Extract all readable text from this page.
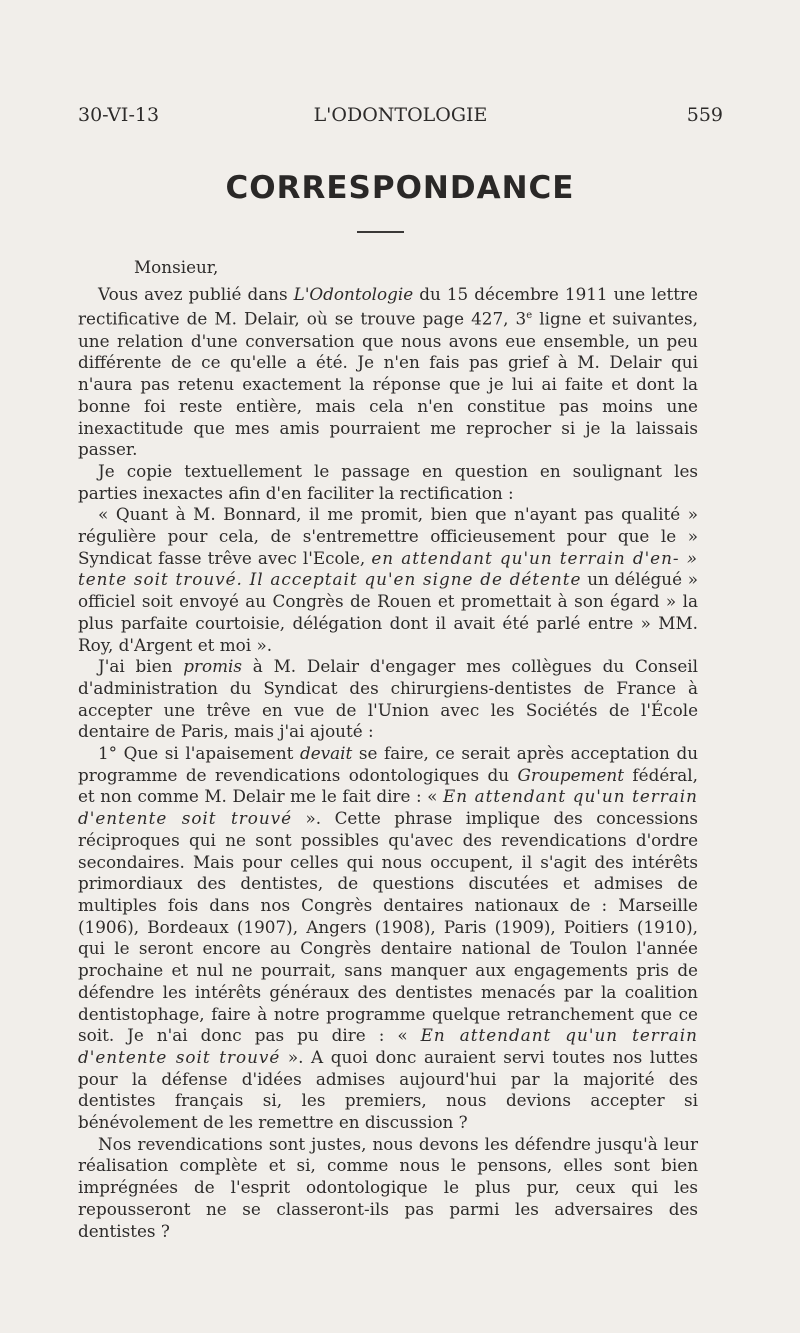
30-VI-13	L'ODONTOLOGIE	559
CORRESPONDANCE

Monsieur,

Vous avez publié dans L'Odontologie du 15 décembre 1911 une lettre rectificative de M. Delair, où se trouve page 427, 3e ligne et suivantes, une relation d'une conversation que nous avons eue ensemble, un peu différente de ce qu'elle a été. Je n'en fais pas grief à M. Delair qui n'aura pas retenu exactement la réponse que je lui ai faite et dont la bonne foi reste entière, mais cela n'en constitue pas moins une inexactitude que mes amis pourraient me reprocher si je la laissais passer.

Je copie textuellement le passage en question en soulignant les parties inexactes afin d'en faciliter la rectification :

« Quant à M. Bonnard, il me promit, bien que n'ayant pas qualité » régulière pour cela, de s'entremettre officieusement pour que le » Syndicat fasse trêve avec l'Ecole, en attendant qu'un terrain d'en- » tente soit trouvé. Il acceptait qu'en signe de détente un délégué » officiel soit envoyé au Congrès de Rouen et promettait à son égard » la plus parfaite courtoisie, délégation dont il avait été parlé entre » MM. Roy, d'Argent et moi ».

J'ai bien promis à M. Delair d'engager mes collègues du Conseil d'administration du Syndicat des chirurgiens-dentistes de France à accepter une trêve en vue de l'Union avec les Sociétés de l'École dentaire de Paris, mais j'ai ajouté :

1° Que si l'apaisement devait se faire, ce serait après acceptation du programme de revendications odontologiques du Groupement fédéral, et non comme M. Delair me le fait dire : « En attendant qu'un terrain d'entente soit trouvé ». Cette phrase implique des concessions réciproques qui ne sont possibles qu'avec des revendications d'ordre secondaires. Mais pour celles qui nous occupent, il s'agit des intérêts primordiaux des dentistes, de questions discutées et admises de multiples fois dans nos Congrès dentaires nationaux de : Marseille (1906), Bordeaux (1907), Angers (1908), Paris (1909), Poitiers (1910), qui le seront encore au Congrès dentaire national de Toulon l'année prochaine et nul ne pourrait, sans manquer aux engagements pris de défendre les intérêts généraux des dentistes menacés par la coalition dentistophage, faire à notre programme quelque retranchement que ce soit. Je n'ai donc pas pu dire : « En attendant qu'un terrain d'entente soit trouvé ». A quoi donc auraient servi toutes nos luttes pour la défense d'idées admises aujourd'hui par la majorité des dentistes français si, les premiers, nous devions accepter si bénévolement de les remettre en discussion ?

Nos revendications sont justes, nous devons les défendre jusqu'à leur réalisation complète et si, comme nous le pensons, elles sont bien imprégnées de l'esprit odontologique le plus pur, ceux qui les repousseront ne se classeront-ils pas parmi les adversaires des dentistes ?
